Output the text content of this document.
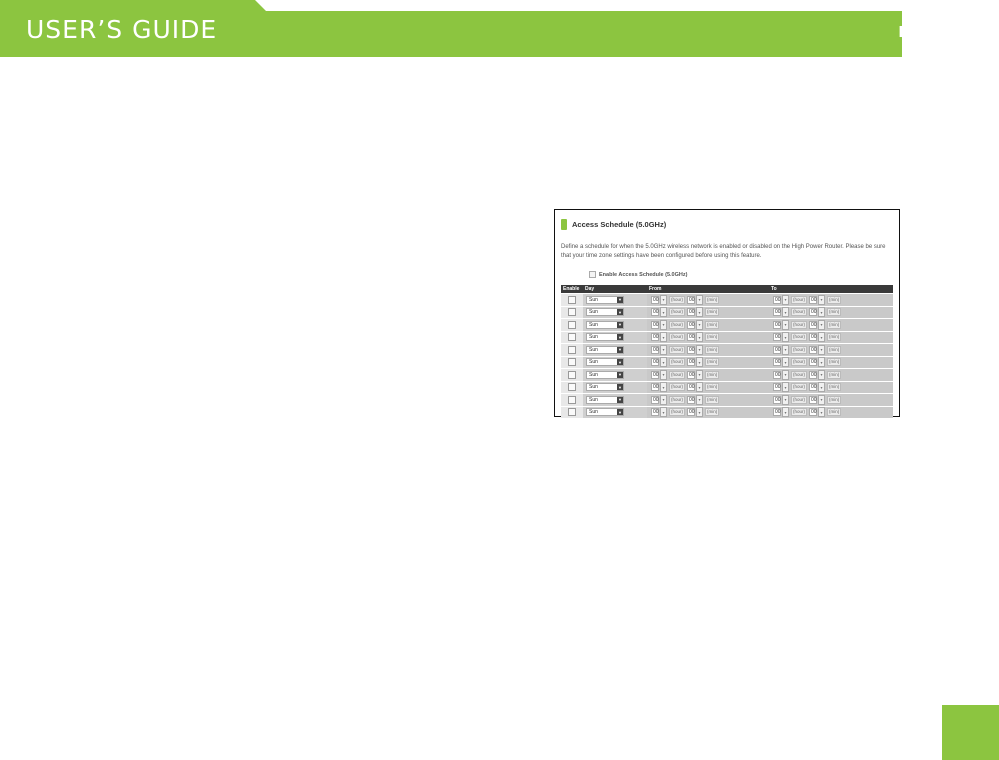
USER’S GUIDE	RTA2600
Access Schedule (5.0GHz)
Define a schedule for when the 5.0GHz wireless network is enabled or disabled on the High Power Router. Please be sure that your time zone settings have been configured before using this feature.
Enable Access Schedule (5.0GHz)
Enable	Day	From	To
Sun	▼	00 ▾	(hour)	00 ▾	(min)	00 ▾	(hour)	00 ▾	(min)
Sun	▼	00 ▾	(hour)	00 ▾	(min)	00 ▾	(hour)	00 ▾	(min)
Sun	▼	00 ▾	(hour)	00 ▾	(min)	00 ▾	(hour)	00 ▾	(min)
Sun	▼	00 ▾	(hour)	00 ▾	(min)	00 ▾	(hour)	00 ▾	(min)
Sun	▼	00 ▾	(hour)	00 ▾	(min)	00 ▾	(hour)	00 ▾	(min)
Sun	▼	00 ▾	(hour)	00 ▾	(min)	00 ▾	(hour)	00 ▾	(min)
Sun	▼	00 ▾	(hour)	00 ▾	(min)	00 ▾	(hour)	00 ▾	(min)
Sun	▼	00 ▾	(hour)	00 ▾	(min)	00 ▾	(hour)	00 ▾	(min)
Sun	▼	00 ▾	(hour)	00 ▾	(min)	00 ▾	(hour)	00 ▾	(min)
Sun	▼	00 ▾	(hour)	00 ▾	(min)	00 ▾	(hour)	00 ▾	(min)
